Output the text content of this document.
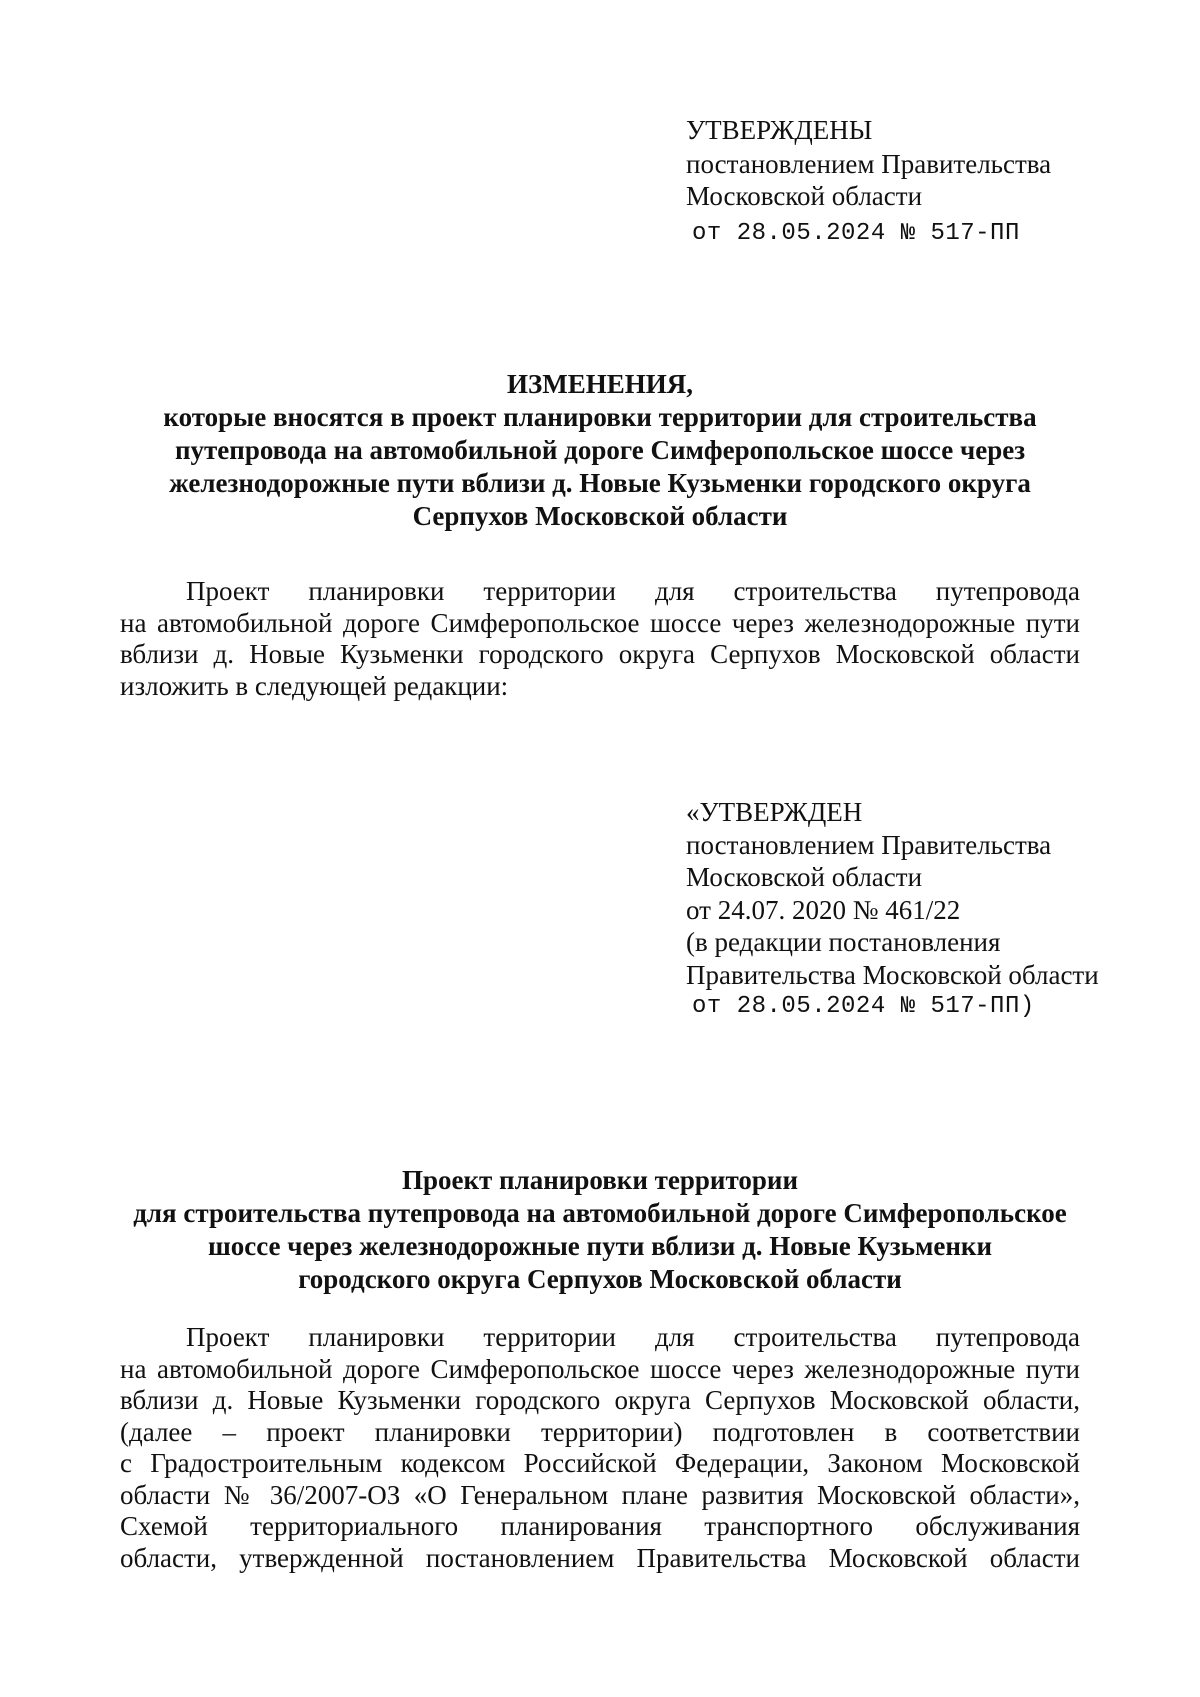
УТВЕРЖДЕНЫ
постановлением Правительства
Московской области
от 28.05.2024 № 517-ПП
ИЗМЕНЕНИЯ,
которые вносятся в проект планировки территории для строительства
путепровода на автомобильной дороге Симферопольское шоссе через
железнодорожные пути вблизи д. Новые Кузьменки городского округа
Серпухов Московской области
Проект планировки территории для строительства путепровода
на автомобильной дороге Симферопольское шоссе через железнодорожные пути
вблизи д. Новые Кузьменки городского округа Серпухов Московской области
изложить в следующей редакции:
«УТВЕРЖДЕН
постановлением Правительства
Московской области
от 24.07. 2020 № 461/22
(в редакции постановления
Правительства Московской области
от 28.05.2024 № 517-ПП)
Проект планировки территории
для строительства путепровода на автомобильной дороге Симферопольское
шоссе через железнодорожные пути вблизи д. Новые Кузьменки
городского округа Серпухов Московской области
Проект планировки территории для строительства путепровода
на автомобильной дороге Симферопольское шоссе через железнодорожные пути
вблизи д. Новые Кузьменки городского округа Серпухов Московской области,
(далее – проект планировки территории) подготовлен в соответствии
с Градостроительным кодексом Российской Федерации, Законом Московской
области № 36/2007-ОЗ «О Генеральном плане развития Московской области»,
Схемой территориального планирования транспортного обслуживания
области, утвержденной постановлением Правительства Московской области
